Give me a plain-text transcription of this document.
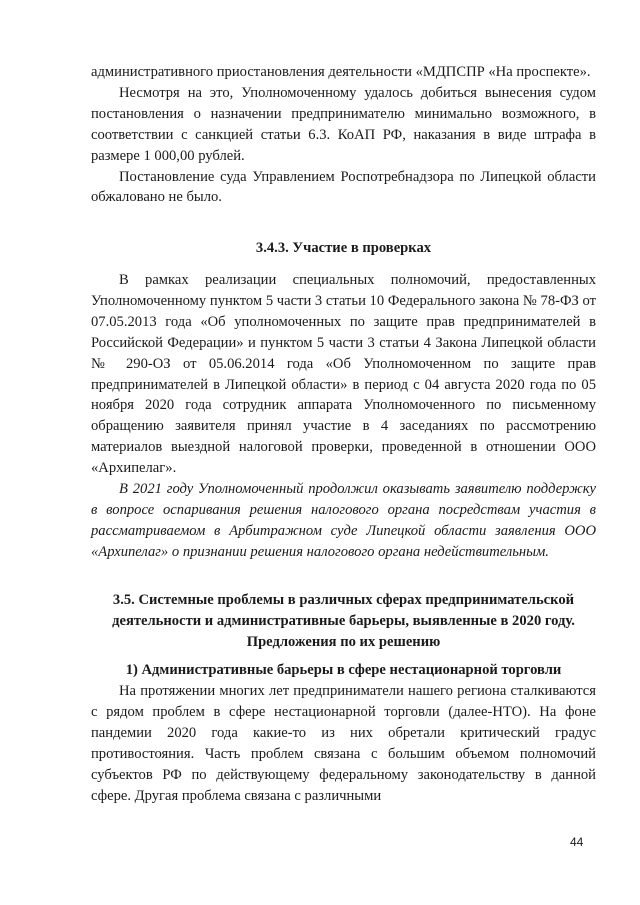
административного приостановления деятельности «МДПСПР «На проспекте».

Несмотря на это, Уполномоченному удалось добиться вынесения судом постановления о назначении предпринимателю минимально возможного, в соответствии с санкцией статьи 6.3. КоАП РФ, наказания в виде штрафа в размере 1 000,00 рублей.

Постановление суда Управлением Роспотребнадзора по Липецкой области обжаловано не было.

3.4.3. Участие в проверках

В рамках реализации специальных полномочий, предоставленных Уполномоченному пунктом 5 части 3 статьи 10 Федерального закона № 78-ФЗ от 07.05.2013 года «Об уполномоченных по защите прав предпринимателей в Российской Федерации» и пунктом 5 части 3 статьи 4 Закона Липецкой области № 290-ОЗ от 05.06.2014 года «Об Уполномоченном по защите прав предпринимателей в Липецкой области» в период с 04 августа 2020 года по 05 ноября 2020 года сотрудник аппарата Уполномоченного по письменному обращению заявителя принял участие в 4 заседаниях по рассмотрению материалов выездной налоговой проверки, проведенной в отношении ООО «Архипелаг».

В 2021 году Уполномоченный продолжил оказывать заявителю поддержку в вопросе оспаривания решения налогового органа посредствам участия в рассматриваемом в Арбитражном суде Липецкой области заявления ООО «Архипелаг» о признании решения налогового органа недействительным.

3.5. Системные проблемы в различных сферах предпринимательской деятельности и административные барьеры, выявленные в 2020 году. Предложения по их решению
1) Административные барьеры в сфере нестационарной торговли

На протяжении многих лет предприниматели нашего региона сталкиваются с рядом проблем в сфере нестационарной торговли (далее-НТО). На фоне пандемии 2020 года какие-то из них обретали критический градус противостояния. Часть проблем связана с большим объемом полномочий субъектов РФ по действующему федеральному законодательству в данной сфере. Другая проблема связана с различными

44
